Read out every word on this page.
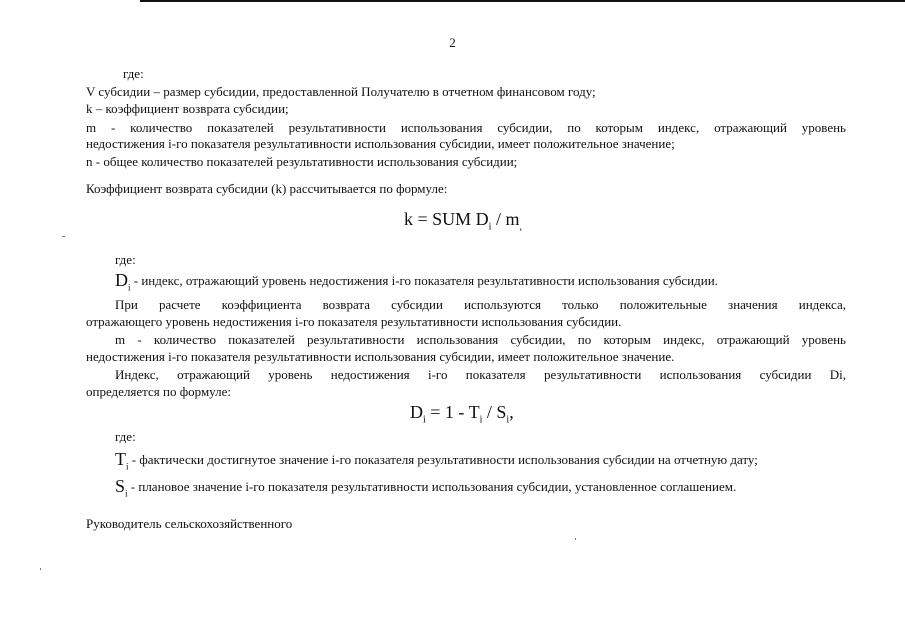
2
где:
V субсидии – размер субсидии, предоставленной Получателю в отчетном финансовом году;
k – коэффициент возврата субсидии;
m - количество показателей результативности использования субсидии, по которым индекс, отражающий уровень
недостижения i-го показателя результативности использования субсидии, имеет положительное значение;
n - общее количество показателей результативности использования субсидии;
Коэффициент возврата субсидии (k) рассчитывается по формуле:
k = SUM $D_i / m_,$
где:
$D_i$ - индекс, отражающий уровень недостижения i-го показателя результативности использования субсидии.
При расчете коэффициента возврата субсидии используются только положительные значения индекса,
отражающего уровень недостижения i-го показателя результативности использования субсидии.
m - количество показателей результативности использования субсидии, по которым индекс, отражающий уровень
недостижения i-го показателя результативности использования субсидии, имеет положительное значение.
Индекс, отражающий уровень недостижения i-го показателя результативности использования субсидии Di,
определяется по формуле:
$D_i = 1 - T_i / S_i$,
где:
$T_i$ - фактически достигнутое значение i-го показателя результативности использования субсидии на отчетную дату;
$S_i$ - плановое значение i-го показателя результативности использования субсидии, установленное соглашением.
Руководитель сельскохозяйственного
